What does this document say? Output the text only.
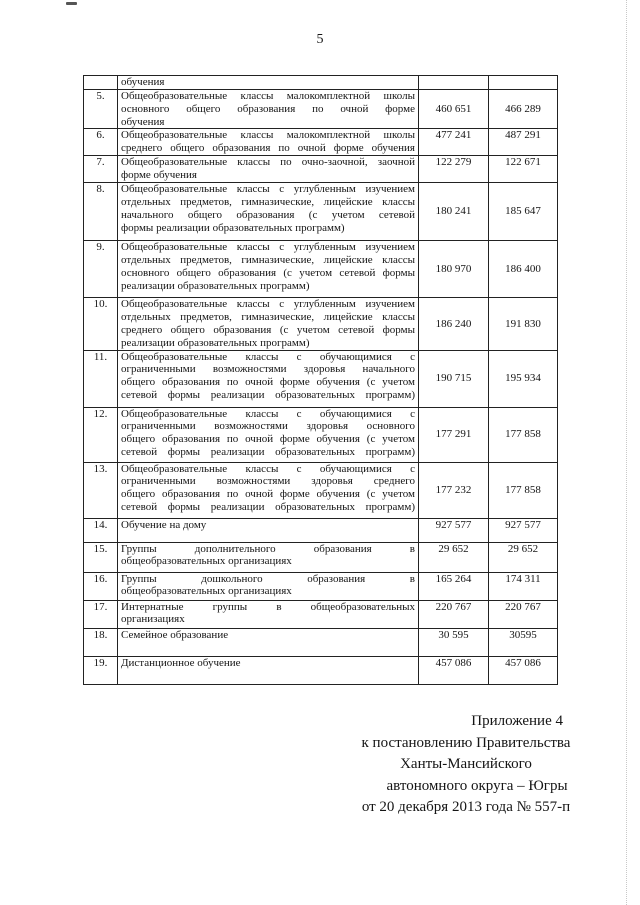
5

	обучения		

5.	Общеобразовательные классы малокомплектной школы
основного общего образования по очной форме
обучения	460 651	466 289
6.	Общеобразовательные классы малокомплектной школы
среднего общего образования по очной форме обучения	477 241	487 291
7.	Общеобразовательные классы по очно-заочной, заочной
форме обучения	122 279	122 671
8.	Общеобразовательные классы с углубленным изучением
отдельных предметов, гимназические, лицейские классы
начального общего образования (с учетом сетевой
формы реализации образовательных программ)	180 241	185 647
9.	Общеобразовательные классы с углубленным изучением
отдельных предметов, гимназические, лицейские классы
основного общего образования (с учетом сетевой формы
реализации образовательных программ)	180 970	186 400
10.	Общеобразовательные классы с углубленным изучением
отдельных предметов, гимназические, лицейские классы
среднего общего образования (с учетом сетевой формы
реализации образовательных программ)	186 240	191 830
11.	Общеобразовательные классы с обучающимися с
ограниченными возможностями здоровья начального
общего образования по очной форме обучения (с учетом
сетевой формы реализации образовательных программ)	190 715	195 934
12.	Общеобразовательные классы с обучающимися с
ограниченными возможностями здоровья основного
общего образования по очной форме обучения (с учетом
сетевой формы реализации образовательных программ)	177 291	177 858
13.	Общеобразовательные классы с обучающимися с
ограниченными возможностями здоровья среднего
общего образования по очной форме обучения (с учетом
сетевой формы реализации образовательных программ)	177 232	177 858
14.	Обучение на дому	927 577	927 577
15.	Группы дополнительного образования в
общеобразовательных организациях	29 652	29 652
16.	Группы дошкольного образования в
общеобразовательных организациях	165 264	174 311
17.	Интернатные группы в общеобразовательных
организациях	220 767	220 767
18.	Семейное образование	30 595	30595
19.	Дистанционное обучение	457 086	457 086
Приложение 4
к постановлению Правительства
Ханты-Мансийского
автономного округа – Югры
от 20 декабря 2013 года № 557-п
